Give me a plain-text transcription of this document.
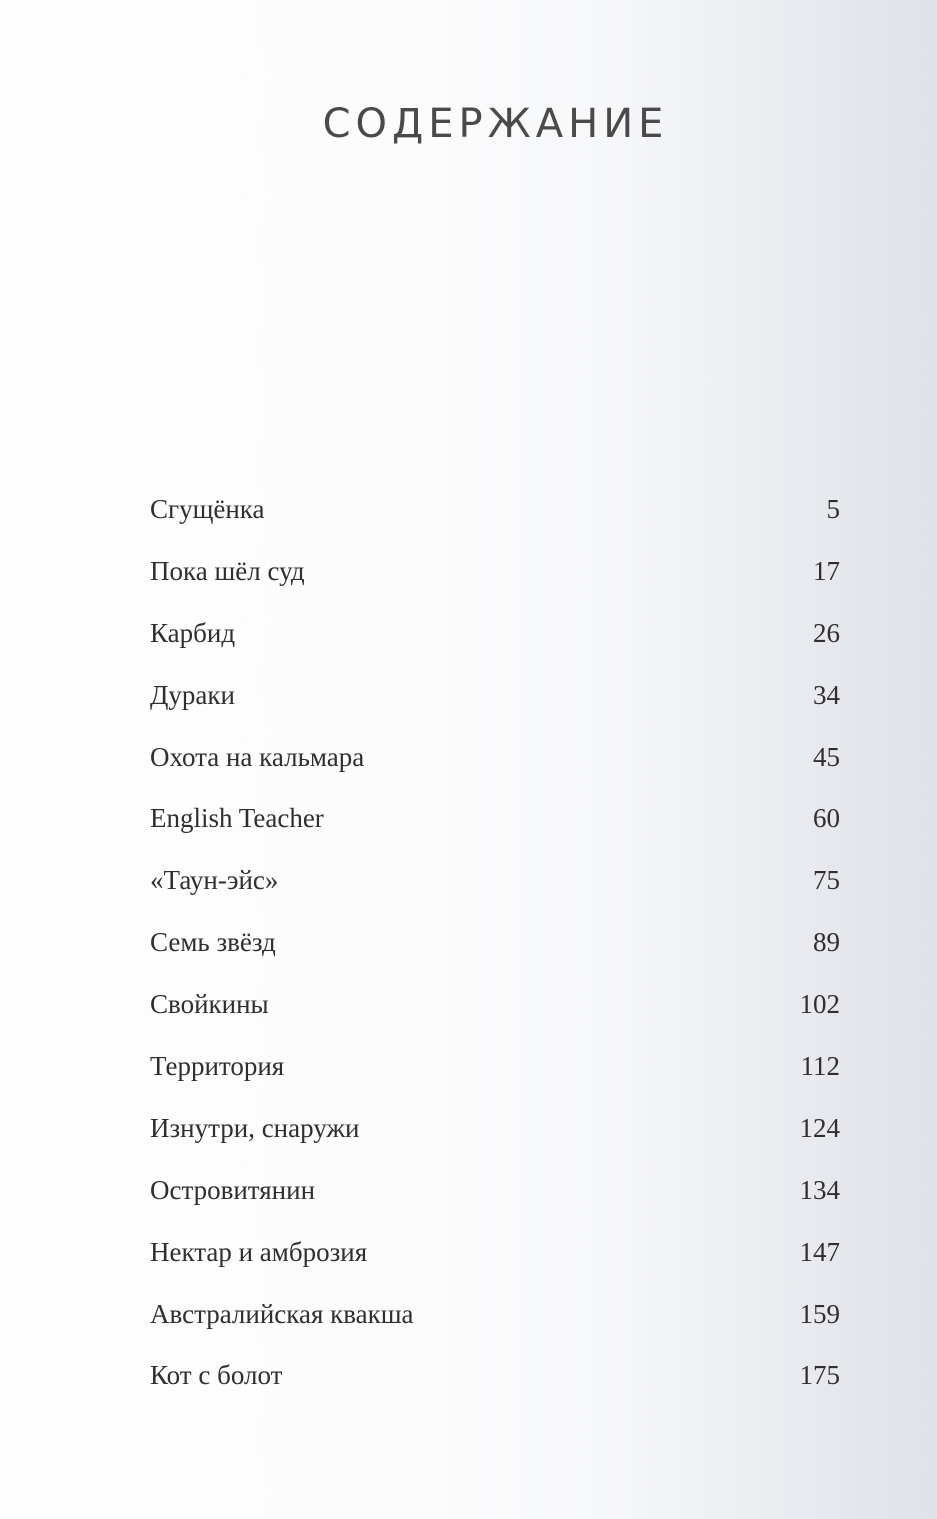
СОДЕРЖАНИЕ
Сгущёнка	5
Пока шёл суд	17
Карбид	26
Дураки	34
Охота на кальмара	45
English Teacher	60
«Таун-эйс»	75
Семь звёзд	89
Свойкины	102
Территория	112
Изнутри, снаружи	124
Островитянин	134
Нектар и амброзия	147
Австралийская квакша	159
Кот с болот	175
